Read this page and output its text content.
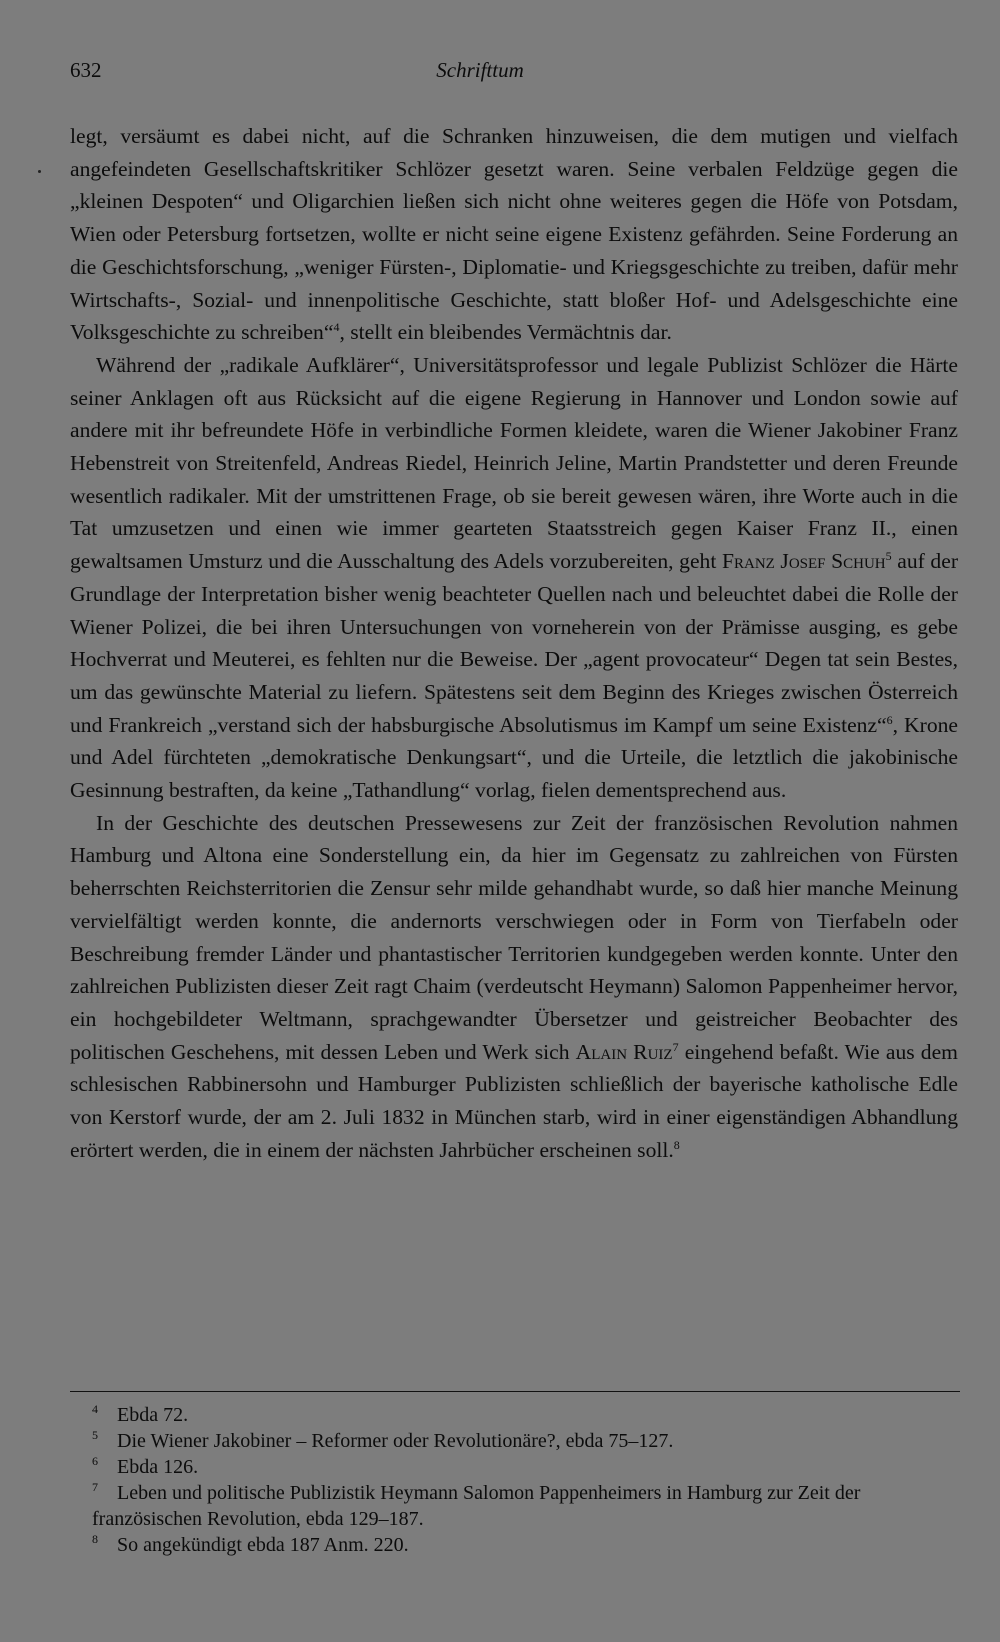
632	Schrifttum

legt, versäumt es dabei nicht, auf die Schranken hinzuweisen, die dem mutigen und vielfach angefeindeten Gesellschaftskritiker Schlözer gesetzt waren. Seine verbalen Feldzüge gegen die „kleinen Despoten“ und Oligarchien ließen sich nicht ohne weiteres gegen die Höfe von Potsdam, Wien oder Petersburg fortsetzen, wollte er nicht seine eigene Existenz gefährden. Seine Forderung an die Geschichtsforschung, „weniger Fürsten-, Diplomatie- und Kriegsgeschichte zu treiben, dafür mehr Wirtschafts-, Sozial- und innenpolitische Geschichte, statt bloßer Hof- und Adelsgeschichte eine Volksgeschichte zu schreiben“$^4$, stellt ein bleibendes Vermächtnis dar.

Während der „radikale Aufklärer“, Universitätsprofessor und legale Publizist Schlözer die Härte seiner Anklagen oft aus Rücksicht auf die eigene Regierung in Hannover und London sowie auf andere mit ihr befreundete Höfe in verbindliche Formen kleidete, waren die Wiener Jakobiner Franz Hebenstreit von Streitenfeld, Andreas Riedel, Heinrich Jeline, Martin Prandstetter und deren Freunde wesentlich radikaler. Mit der umstrittenen Frage, ob sie bereit gewesen wären, ihre Worte auch in die Tat umzusetzen und einen wie immer gearteten Staatsstreich gegen Kaiser Franz II., einen gewaltsamen Umsturz und die Ausschaltung des Adels vorzubereiten, geht Franz Josef Schuh$^5$ auf der Grundlage der Interpretation bisher wenig beachteter Quellen nach und beleuchtet dabei die Rolle der Wiener Polizei, die bei ihren Untersuchungen von vorneherein von der Prämisse ausging, es gebe Hochverrat und Meuterei, es fehlten nur die Beweise. Der „agent provocateur“ Degen tat sein Bestes, um das gewünschte Material zu liefern. Spätestens seit dem Beginn des Krieges zwischen Österreich und Frankreich „verstand sich der habsburgische Absolutismus im Kampf um seine Existenz“$^6$, Krone und Adel fürchteten „demokratische Denkungsart“, und die Urteile, die letztlich die jakobinische Gesinnung bestraften, da keine „Tathandlung“ vorlag, fielen dementsprechend aus.

In der Geschichte des deutschen Pressewesens zur Zeit der französischen Revolution nahmen Hamburg und Altona eine Sonderstellung ein, da hier im Gegensatz zu zahlreichen von Fürsten beherrschten Reichsterritorien die Zensur sehr milde gehandhabt wurde, so daß hier manche Meinung vervielfältigt werden konnte, die andernorts verschwiegen oder in Form von Tierfabeln oder Beschreibung fremder Länder und phantastischer Territorien kundgegeben werden konnte. Unter den zahlreichen Publizisten dieser Zeit ragt Chaim (verdeutscht Heymann) Salomon Pappenheimer hervor, ein hochgebildeter Weltmann, sprachgewandter Übersetzer und geistreicher Beobachter des politischen Geschehens, mit dessen Leben und Werk sich Alain Ruiz$^7$ eingehend befaßt. Wie aus dem schlesischen Rabbinersohn und Hamburger Publizisten schließlich der bayerische katholische Edle von Kerstorf wurde, der am 2. Juli 1832 in München starb, wird in einer eigenständigen Abhandlung erörtert werden, die in einem der nächsten Jahrbücher erscheinen soll.$^8$

4 Ebda 72.

5 Die Wiener Jakobiner – Reformer oder Revolutionäre?, ebda 75–127.

6 Ebda 126.

7 Leben und politische Publizistik Heymann Salomon Pappenheimers in Hamburg zur Zeit der französischen Revolution, ebda 129–187.

8 So angekündigt ebda 187 Anm. 220.
